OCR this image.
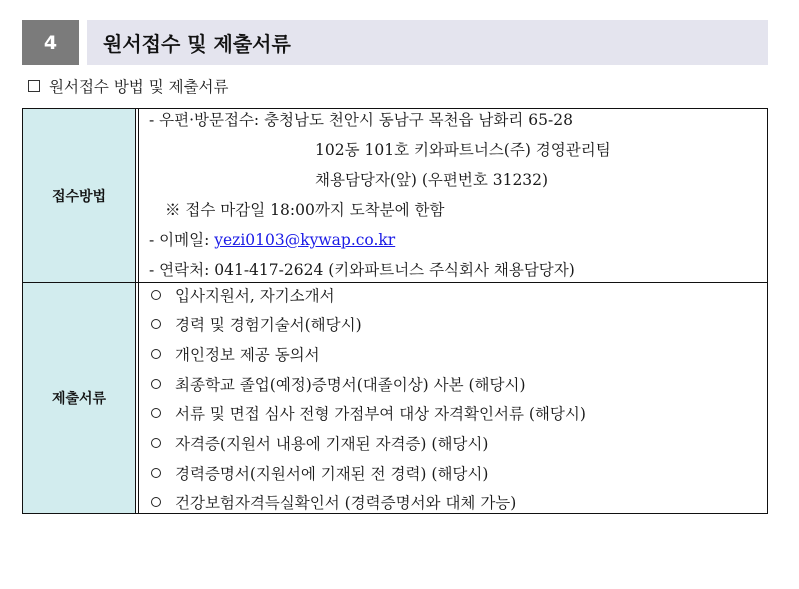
4	원서접수 및 제출서류
원서접수 방법 및 제출서류
접수방법
- 우편·방문접수: 충청남도 천안시 동남구 목천읍 남화리 65-28
102동 101호 키와파트너스(주) 경영관리팀
채용담당자(앞) (우편번호 31232)
※ 접수 마감일 18:00까지 도착분에 한함
- 이메일: yezi0103@kywap.co.kr
- 연락처: 041-417-2624 (키와파트너스 주식회사 채용담당자)
제출서류
입사지원서, 자기소개서
경력 및 경험기술서(해당시)
개인정보 제공 동의서
최종학교 졸업(예정)증명서(대졸이상) 사본 (해당시)
서류 및 면접 심사 전형 가점부여 대상 자격확인서류 (해당시)
자격증(지원서 내용에 기재된 자격증) (해당시)
경력증명서(지원서에 기재된 전 경력) (해당시)
건강보험자격득실확인서 (경력증명서와 대체 가능)
